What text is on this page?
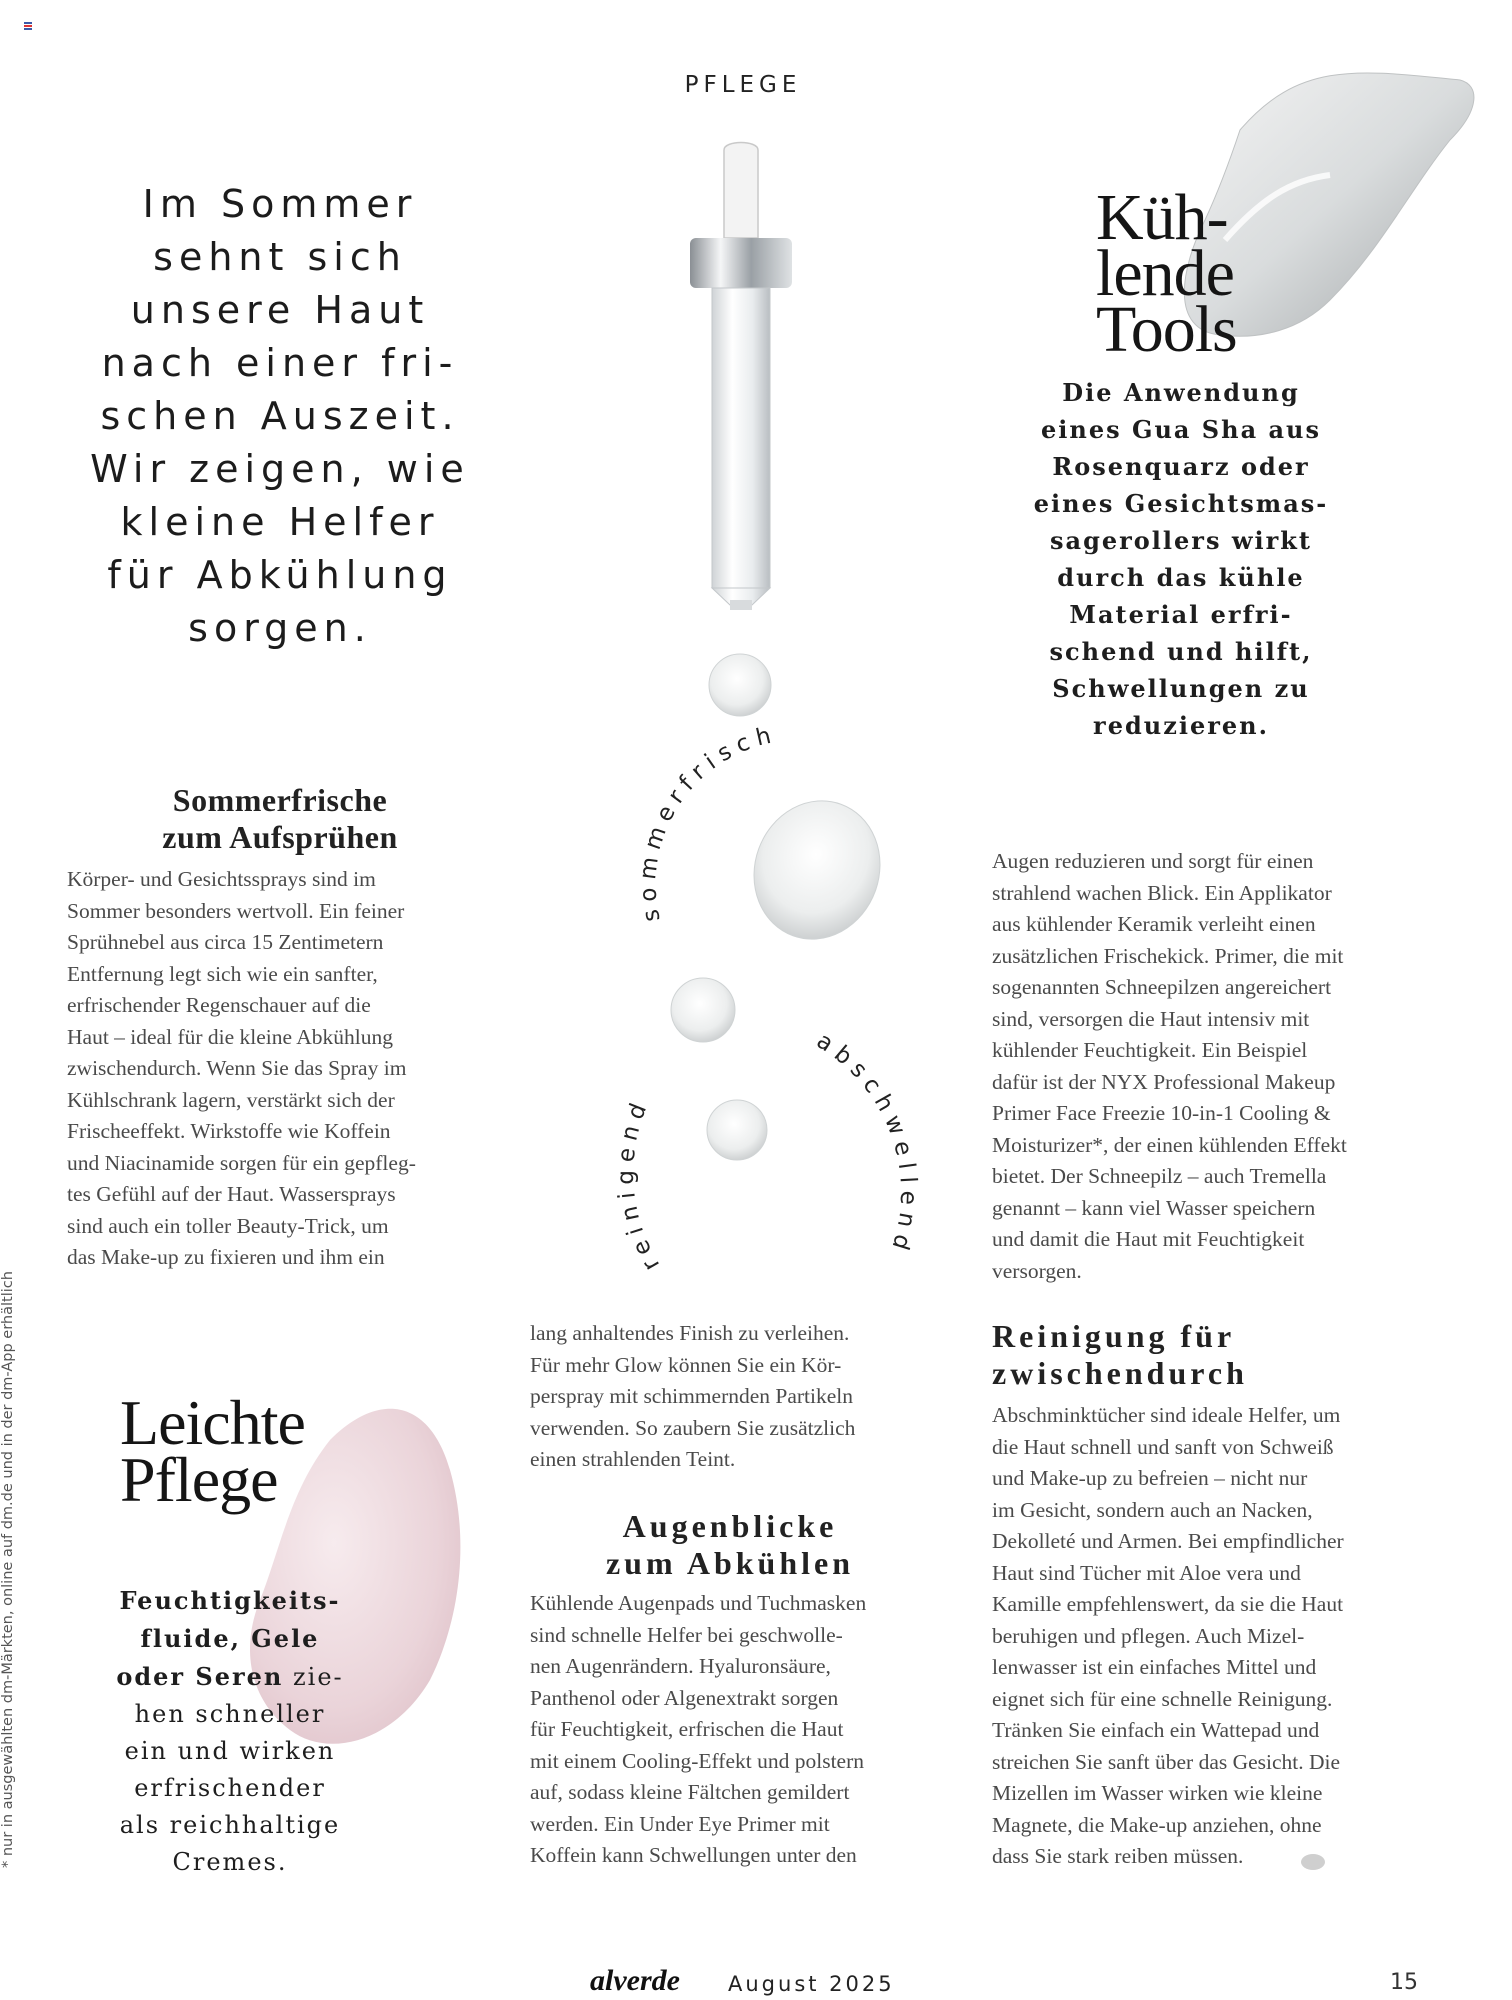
PFLEGE
Im Sommer
sehnt sich
unsere Haut
nach einer fri-
schen Auszeit.
Wir zeigen, wie
kleine Helfer
für Abkühlung
sorgen.
sommerfrisch
reinigend
abschwellend
Küh-
lende
Tools
Die Anwendung
eines Gua Sha aus
Rosenquarz oder
eines Gesichtsmas-
sagerollers wirkt
durch das kühle
Material erfri-
schend und hilft,
Schwellungen zu
reduzieren.
Sommerfrische
zum Aufsprühen
Körper- und Gesichtssprays sind im
Sommer besonders wertvoll. Ein feiner
Sprühnebel aus circa 15 Zentimetern
Entfernung legt sich wie ein sanfter,
erfrischender Regenschauer auf die
Haut – ideal für die kleine Abkühlung
zwischendurch. Wenn Sie das Spray im
Kühlschrank lagern, verstärkt sich der
Frischeeffekt. Wirkstoffe wie Koffein
und Niacinamide sorgen für ein gepfleg-
tes Gefühl auf der Haut. Wassersprays
sind auch ein toller Beauty-Trick, um
das Make-up zu fixieren und ihm ein
lang anhaltendes Finish zu verleihen.
Für mehr Glow können Sie ein Kör-
perspray mit schimmernden Partikeln
verwenden. So zaubern Sie zusätzlich
einen strahlenden Teint.
Augenblicke
zum Abkühlen
Kühlende Augenpads und Tuchmasken
sind schnelle Helfer bei geschwolle-
nen Augenrändern. Hyaluronsäure,
Panthenol oder Algenextrakt sorgen
für Feuchtigkeit, erfrischen die Haut
mit einem Cooling-Effekt und polstern
auf, sodass kleine Fältchen gemildert
werden. Ein Under Eye Primer mit
Koffein kann Schwellungen unter den
Augen reduzieren und sorgt für einen
strahlend wachen Blick. Ein Applikator
aus kühlender Keramik verleiht einen
zusätzlichen Frischekick. Primer, die mit
sogenannten Schneepilzen angereichert
sind, versorgen die Haut intensiv mit
kühlender Feuchtigkeit. Ein Beispiel
dafür ist der NYX Professional Makeup
Primer Face Freezie 10-in-1 Cooling &
Moisturizer*, der einen kühlenden Effekt
bietet. Der Schneepilz – auch Tremella
genannt – kann viel Wasser speichern
und damit die Haut mit Feuchtigkeit
versorgen.
Reinigung für
zwischendurch
Abschminktücher sind ideale Helfer, um
die Haut schnell und sanft von Schweiß
und Make-up zu befreien – nicht nur
im Gesicht, sondern auch an Nacken,
Dekolleté und Armen. Bei empfindlicher
Haut sind Tücher mit Aloe vera und
Kamille empfehlenswert, da sie die Haut
beruhigen und pflegen. Auch Mizel-
lenwasser ist ein einfaches Mittel und
eignet sich für eine schnelle Reinigung.
Tränken Sie einfach ein Wattepad und
streichen Sie sanft über das Gesicht. Die
Mizellen im Wasser wirken wie kleine
Magnete, die Make-up anziehen, ohne
dass Sie stark reiben müssen.
Leichte
Pflege
Feuchtigkeits-
fluide, Gele
oder Seren zie-
hen schneller
ein und wirken
erfrischender
als reichhaltige
Cremes.
* nur in ausgewählten dm-Märkten, online auf dm.de und in der dm-App erhältlich
alverde August 2025	15
